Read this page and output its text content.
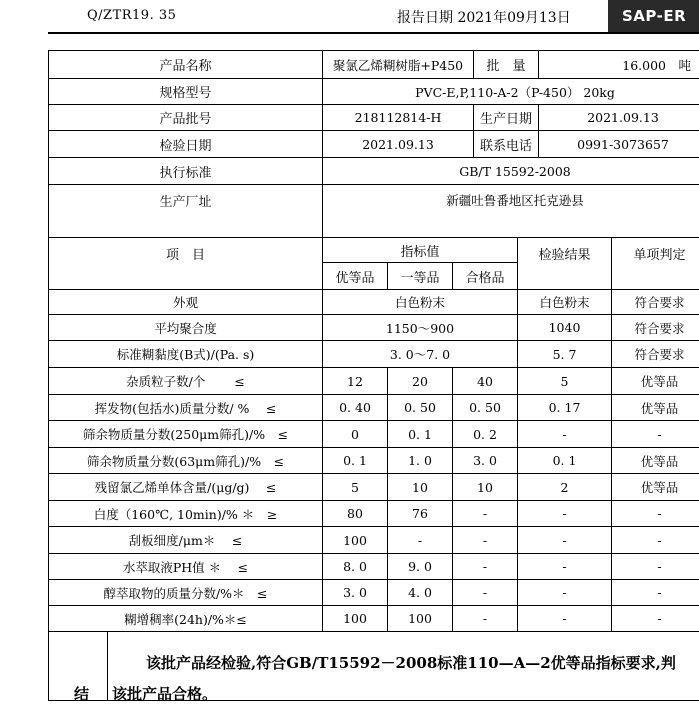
Q/ZTR19. 35	报告日期 2021年09月13日	SAP-ER
产品名称	聚氯乙烯糊树脂+P450	批　量	16.000　吨
规格型号	PVC-E,P,110-A-2（P-450） 20kg
产品批号	218112814-H	生产日期	2021.09.13
检验日期	2021.09.13	联系电话	0991-3073657
执行标准	GB/T 15592-2008
生产厂址	新疆吐鲁番地区托克逊县
项　目	指标值	检验结果	单项判定
优等品	一等品	合格品
外观	白色粉末	白色粉末	符合要求
平均聚合度	1150～900	1040	符合要求
标准糊黏度(B式)/(Pa. s)	3. 0～7. 0	5. 7	符合要求
杂质粒子数/个　　 ≤	12	20	40	5	优等品
挥发物(包括水)质量分数/ %　 ≤	0. 40	0. 50	0. 50	0. 17	优等品
筛余物质量分数(250μm筛孔)/%　≤	0	0. 1	0. 2	-	-
筛余物质量分数(63μm筛孔)/%　≤	0. 1	1. 0	3. 0	0. 1	优等品
残留氯乙烯单体含量/(μg/g)　 ≤	5	10	10	2	优等品
白度（160℃, 10min)/% ＊　≥	80	76	-	-	-
刮板细度/μm＊　 ≤	100	-	-	-	-
水萃取液PH值 ＊　 ≤	8. 0	9. 0	-	-	-
醇萃取物的质量分数/%＊　≤	3. 0	4. 0	-	-	-
糊增稠率(24h)/%＊≤	100	100	-	-	-
结
该批产品经检验,符合GB/T15592－2008标准110—A—2优等品指标要求,判
该批产品合格。
